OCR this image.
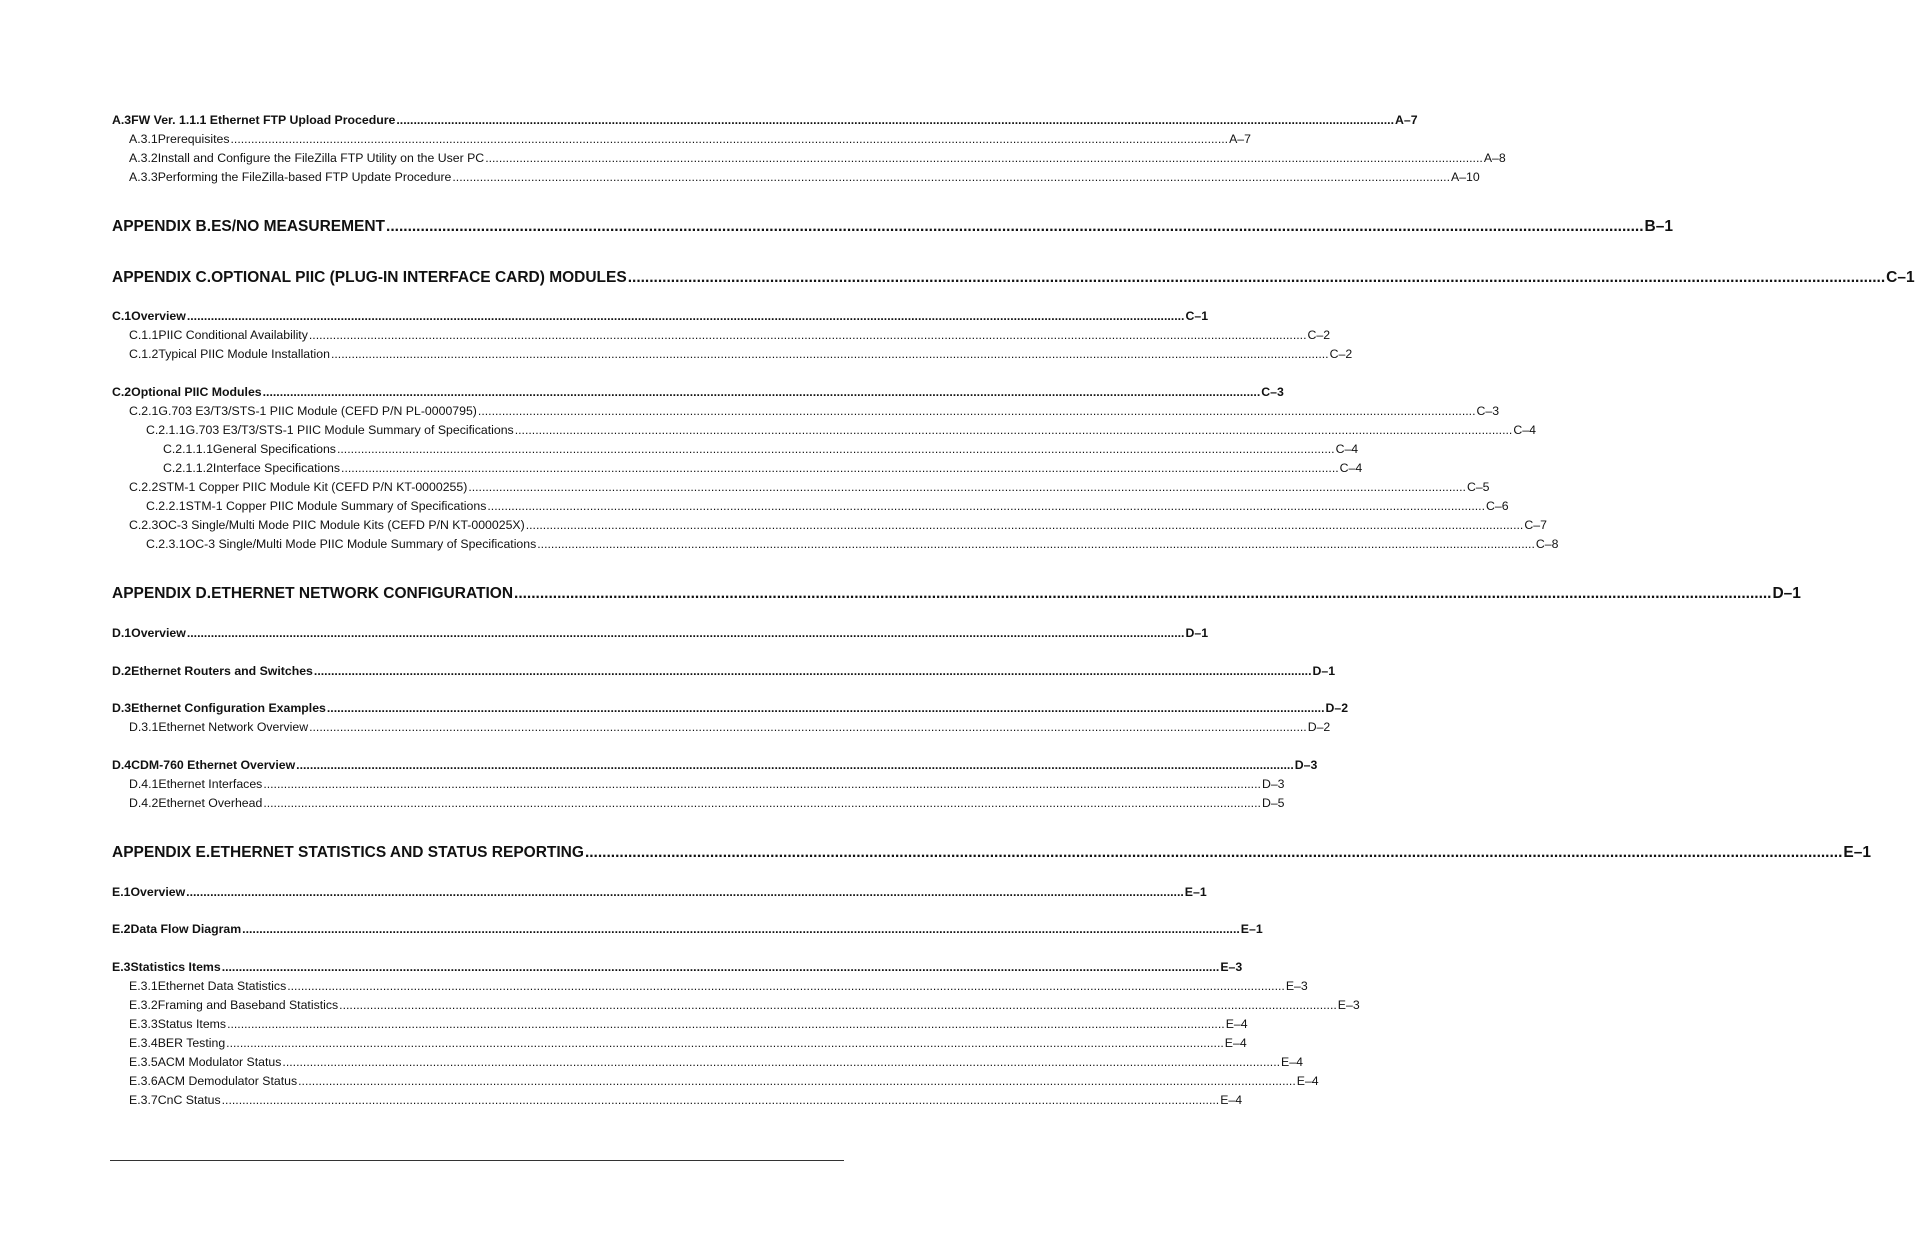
A.3 FW Ver. 1.1.1 Ethernet FTP Upload Procedure .................................................................................................................................................................................................................................................................................................... A–7
A.3.1 Prerequisites .................................................................................................................................................................................................................................................................................................... A–7
A.3.2 Install and Configure the FileZilla FTP Utility on the User PC .................................................................................................................................................................................................................................................................................................... A–8
A.3.3 Performing the FileZilla-based FTP Update Procedure .................................................................................................................................................................................................................................................................................................... A–10
APPENDIX B. ES/NO MEASUREMENT .................................................................................................................................................................................................................................................................................................... B–1
APPENDIX C. OPTIONAL PIIC (PLUG-IN INTERFACE CARD) MODULES .................................................................................................................................................................................................................................................................................................... C–1
C.1 Overview .................................................................................................................................................................................................................................................................................................... C–1
C.1.1 PIIC Conditional Availability .................................................................................................................................................................................................................................................................................................... C–2
C.1.2 Typical PIIC Module Installation .................................................................................................................................................................................................................................................................................................... C–2
C.2 Optional PIIC Modules .................................................................................................................................................................................................................................................................................................... C–3
C.2.1 G.703 E3/T3/STS-1 PIIC Module (CEFD P/N PL-0000795) .................................................................................................................................................................................................................................................................................................... C–3
C.2.1.1 G.703 E3/T3/STS-1 PIIC Module Summary of Specifications .................................................................................................................................................................................................................................................................................................... C–4
C.2.1.1.1 General Specifications .................................................................................................................................................................................................................................................................................................... C–4
C.2.1.1.2 Interface Specifications .................................................................................................................................................................................................................................................................................................... C–4
C.2.2 STM-1 Copper PIIC Module Kit (CEFD P/N KT-0000255) .................................................................................................................................................................................................................................................................................................... C–5
C.2.2.1 STM-1 Copper PIIC Module Summary of Specifications .................................................................................................................................................................................................................................................................................................... C–6
C.2.3 OC-3 Single/Multi Mode PIIC Module Kits (CEFD P/N KT-000025X) .................................................................................................................................................................................................................................................................................................... C–7
C.2.3.1 OC-3 Single/Multi Mode PIIC Module Summary of Specifications .................................................................................................................................................................................................................................................................................................... C–8
APPENDIX D. ETHERNET NETWORK CONFIGURATION .................................................................................................................................................................................................................................................................................................... D–1
D.1 Overview .................................................................................................................................................................................................................................................................................................... D–1
D.2 Ethernet Routers and Switches .................................................................................................................................................................................................................................................................................................... D–1
D.3 Ethernet Configuration Examples .................................................................................................................................................................................................................................................................................................... D–2
D.3.1 Ethernet Network Overview .................................................................................................................................................................................................................................................................................................... D–2
D.4 CDM-760 Ethernet Overview .................................................................................................................................................................................................................................................................................................... D–3
D.4.1 Ethernet Interfaces .................................................................................................................................................................................................................................................................................................... D–3
D.4.2 Ethernet Overhead .................................................................................................................................................................................................................................................................................................... D–5
APPENDIX E. ETHERNET STATISTICS AND STATUS REPORTING .................................................................................................................................................................................................................................................................................................... E–1
E.1 Overview .................................................................................................................................................................................................................................................................................................... E–1
E.2 Data Flow Diagram .................................................................................................................................................................................................................................................................................................... E–1
E.3 Statistics Items .................................................................................................................................................................................................................................................................................................... E–3
E.3.1 Ethernet Data Statistics .................................................................................................................................................................................................................................................................................................... E–3
E.3.2 Framing and Baseband Statistics .................................................................................................................................................................................................................................................................................................... E–3
E.3.3 Status Items .................................................................................................................................................................................................................................................................................................... E–4
E.3.4 BER Testing .................................................................................................................................................................................................................................................................................................... E–4
E.3.5 ACM Modulator Status .................................................................................................................................................................................................................................................................................................... E–4
E.3.6 ACM Demodulator Status .................................................................................................................................................................................................................................................................................................... E–4
E.3.7 CnC Status .................................................................................................................................................................................................................................................................................................... E–4
